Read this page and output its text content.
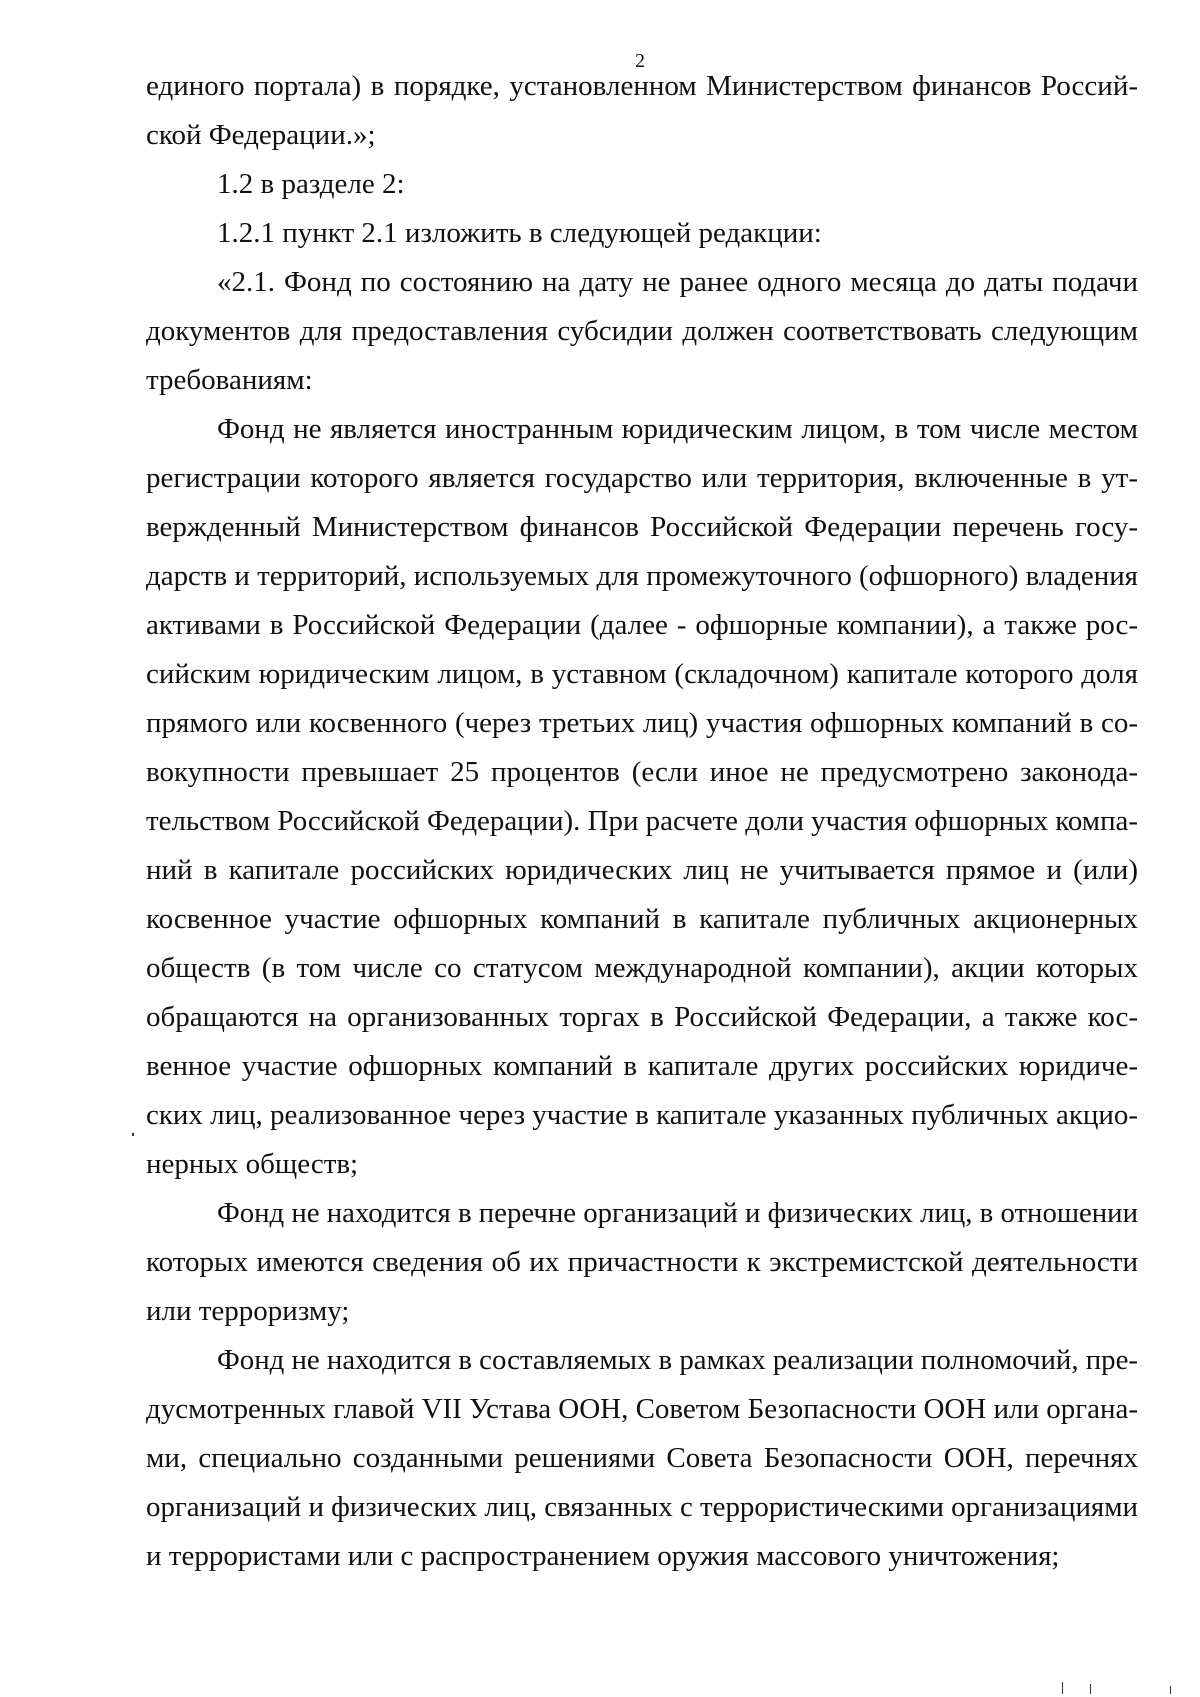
2

единого портала) в порядке, установленном Министерством финансов Россий-

ской Федерации.»;

1.2 в разделе 2:

1.2.1 пункт 2.1 изложить в следующей редакции:

«2.1. Фонд по состоянию на дату не ранее одного месяца до даты подачи

документов для предоставления субсидии должен соответствовать следующим

требованиям:

Фонд не является иностранным юридическим лицом, в том числе местом

регистрации которого является государство или территория, включенные в ут-

вержденный Министерством финансов Российской Федерации перечень госу-

дарств и территорий, используемых для промежуточного (офшорного) владения

активами в Российской Федерации (далее - офшорные компании), а также рос-

сийским юридическим лицом, в уставном (складочном) капитале которого доля

прямого или косвенного (через третьих лиц) участия офшорных компаний в со-

вокупности превышает 25 процентов (если иное не предусмотрено законода-

тельством Российской Федерации). При расчете доли участия офшорных компа-

ний в капитале российских юридических лиц не учитывается прямое и (или)

косвенное участие офшорных компаний в капитале публичных акционерных

обществ (в том числе со статусом международной компании), акции которых

обращаются на организованных торгах в Российской Федерации, а также кос-

венное участие офшорных компаний в капитале других российских юридиче-

ских лиц, реализованное через участие в капитале указанных публичных акцио-

нерных обществ;

Фонд не находится в перечне организаций и физических лиц, в отношении

которых имеются сведения об их причастности к экстремистской деятельности

или терроризму;

Фонд не находится в составляемых в рамках реализации полномочий, пре-

дусмотренных главой VII Устава ООН, Советом Безопасности ООН или органа-

ми, специально созданными решениями Совета Безопасности ООН, перечнях

организаций и физических лиц, связанных с террористическими организациями

и террористами или с распространением оружия массового уничтожения;
